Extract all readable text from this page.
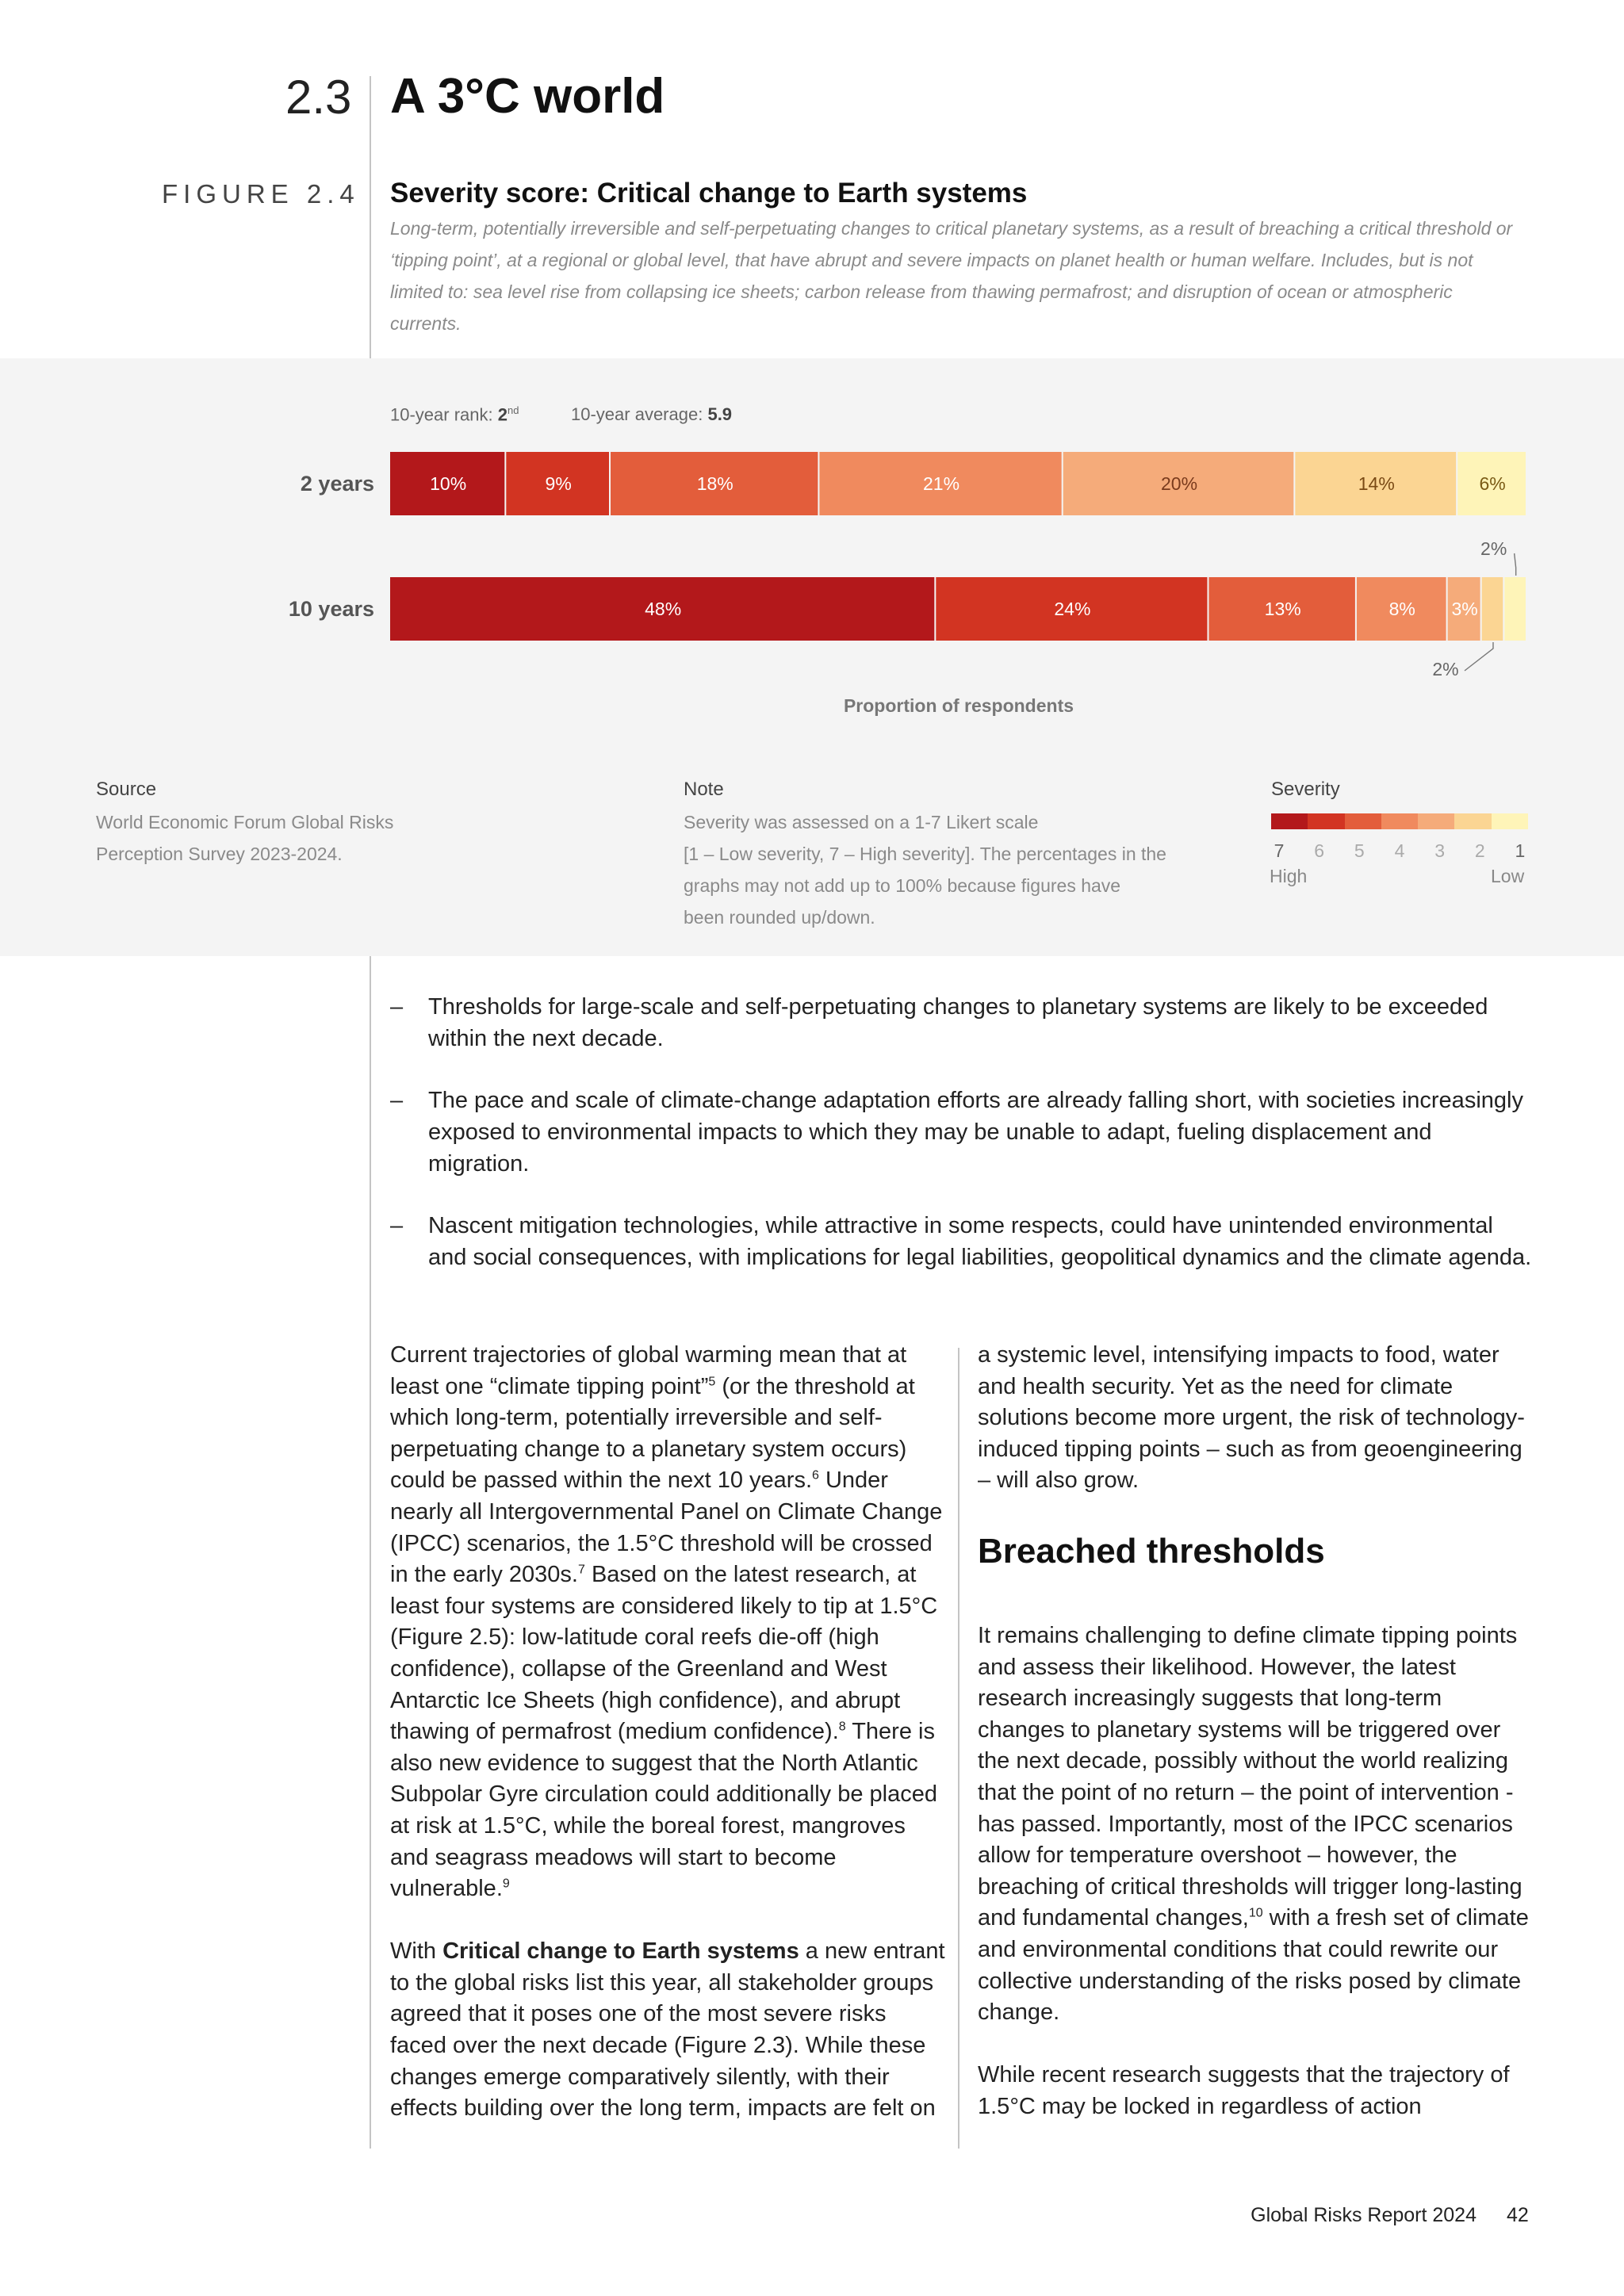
2.3 A 3°C world
FIGURE 2.4 Severity score: Critical change to Earth systems
Long-term, potentially irreversible and self-perpetuating changes to critical planetary systems, as a result of breaching a critical threshold or ‘tipping point’, at a regional or global level, that have abrupt and severe impacts on planet health or human welfare. Includes, but is not limited to: sea level rise from collapsing ice sheets; carbon release from thawing permafrost; and disruption of ocean or atmospheric currents.
10-year rank: 2nd	10-year average: 5.9
Source
World Economic Forum Global Risks
Perception Survey 2023-2024.
Note
Severity was assessed on a 1-7 Likert scale
[1 – Low severity, 7 – High severity]. The percentages in the
graphs may not add up to 100% because figures have
been rounded up/down.
Severity
7 6 5 4 3 2 1
High	Low
2 years	10%	9%	18%	21%	20%	14%	6%
10 years	48%	24%	13%	8% 3%
2%
2%
Proportion of respondents
– Thresholds for large-scale and self-perpetuating changes to planetary systems are likely to be exceeded within the next decade.
– The pace and scale of climate-change adaptation efforts are already falling short, with societies increasingly exposed to environmental impacts to which they may be unable to adapt, fueling displacement and migration.
– Nascent mitigation technologies, while attractive in some respects, could have unintended environmental and social consequences, with implications for legal liabilities, geopolitical dynamics and the climate agenda.

Current trajectories of global warming mean that at least one “climate tipping point”$^5$ (or the threshold at which long-term, potentially irreversible and self-perpetuating change to a planetary system occurs) could be passed within the next 10 years.$^6$ Under nearly all Intergovernmental Panel on Climate Change (IPCC) scenarios, the 1.5°C threshold will be crossed in the early 2030s.$^7$ Based on the latest research, at least four systems are considered likely to tip at 1.5°C (Figure 2.5): low-latitude coral reefs die-off (high confidence), collapse of the Greenland and West Antarctic Ice Sheets (high confidence), and abrupt thawing of permafrost (medium confidence).$^8$ There is also new evidence to suggest that the North Atlantic Subpolar Gyre circulation could additionally be placed at risk at 1.5°C, while the boreal forest, mangroves and seagrass meadows will start to become vulnerable.$^9$

With Critical change to Earth systems a new entrant to the global risks list this year, all stakeholder groups agreed that it poses one of the most severe risks faced over the next decade (Figure 2.3). While these changes emerge comparatively silently, with their effects building over the long term, impacts are felt on

a systemic level, intensifying impacts to food, water and health security. Yet as the need for climate solutions become more urgent, the risk of technology-induced tipping points – such as from geoengineering – will also grow.

Breached thresholds

It remains challenging to define climate tipping points and assess their likelihood. However, the latest research increasingly suggests that long-term changes to planetary systems will be triggered over the next decade, possibly without the world realizing that the point of no return – the point of intervention - has passed. Importantly, most of the IPCC scenarios allow for temperature overshoot – however, the breaching of critical thresholds will trigger long-lasting and fundamental changes,$^{10}$ with a fresh set of climate and environmental conditions that could rewrite our collective understanding of the risks posed by climate change.

While recent research suggests that the trajectory of 1.5°C may be locked in regardless of action

Global Risks Report 2024 42
